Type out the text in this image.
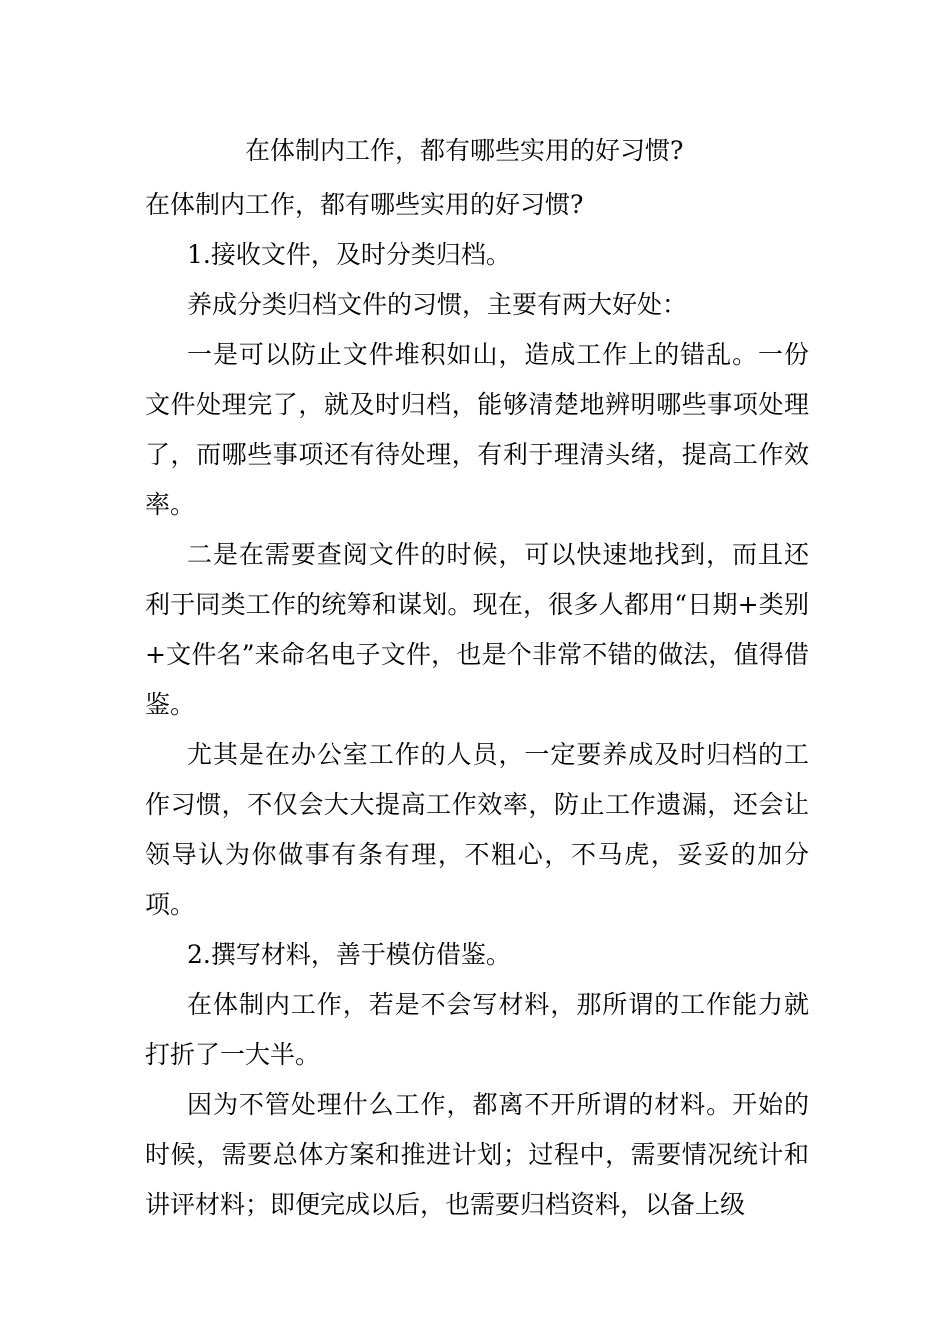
在体制内工作，都有哪些实用的好习惯?

在体制内工作，都有哪些实用的好习惯?

1.接收文件，及时分类归档。

养成分类归档文件的习惯，主要有两大好处：

一是可以防止文件堆积如山，造成工作上的错乱。一份文件处理完了，就及时归档，能够清楚地辨明哪些事项处理了，而哪些事项还有待处理，有利于理清头绪，提高工作效率。

二是在需要查阅文件的时候，可以快速地找到，而且还利于同类工作的统筹和谋划。现在，很多人都用“日期+类别+文件名”来命名电子文件，也是个非常不错的做法，值得借鉴。

尤其是在办公室工作的人员，一定要养成及时归档的工作习惯，不仅会大大提高工作效率，防止工作遗漏，还会让领导认为你做事有条有理，不粗心，不马虎，妥妥的加分项。

2.撰写材料，善于模仿借鉴。

在体制内工作，若是不会写材料，那所谓的工作能力就打折了一大半。

因为不管处理什么工作，都离不开所谓的材料。开始的时候，需要总体方案和推进计划；过程中，需要情况统计和讲评材料；即便完成以后，也需要归档资料，以备上级
